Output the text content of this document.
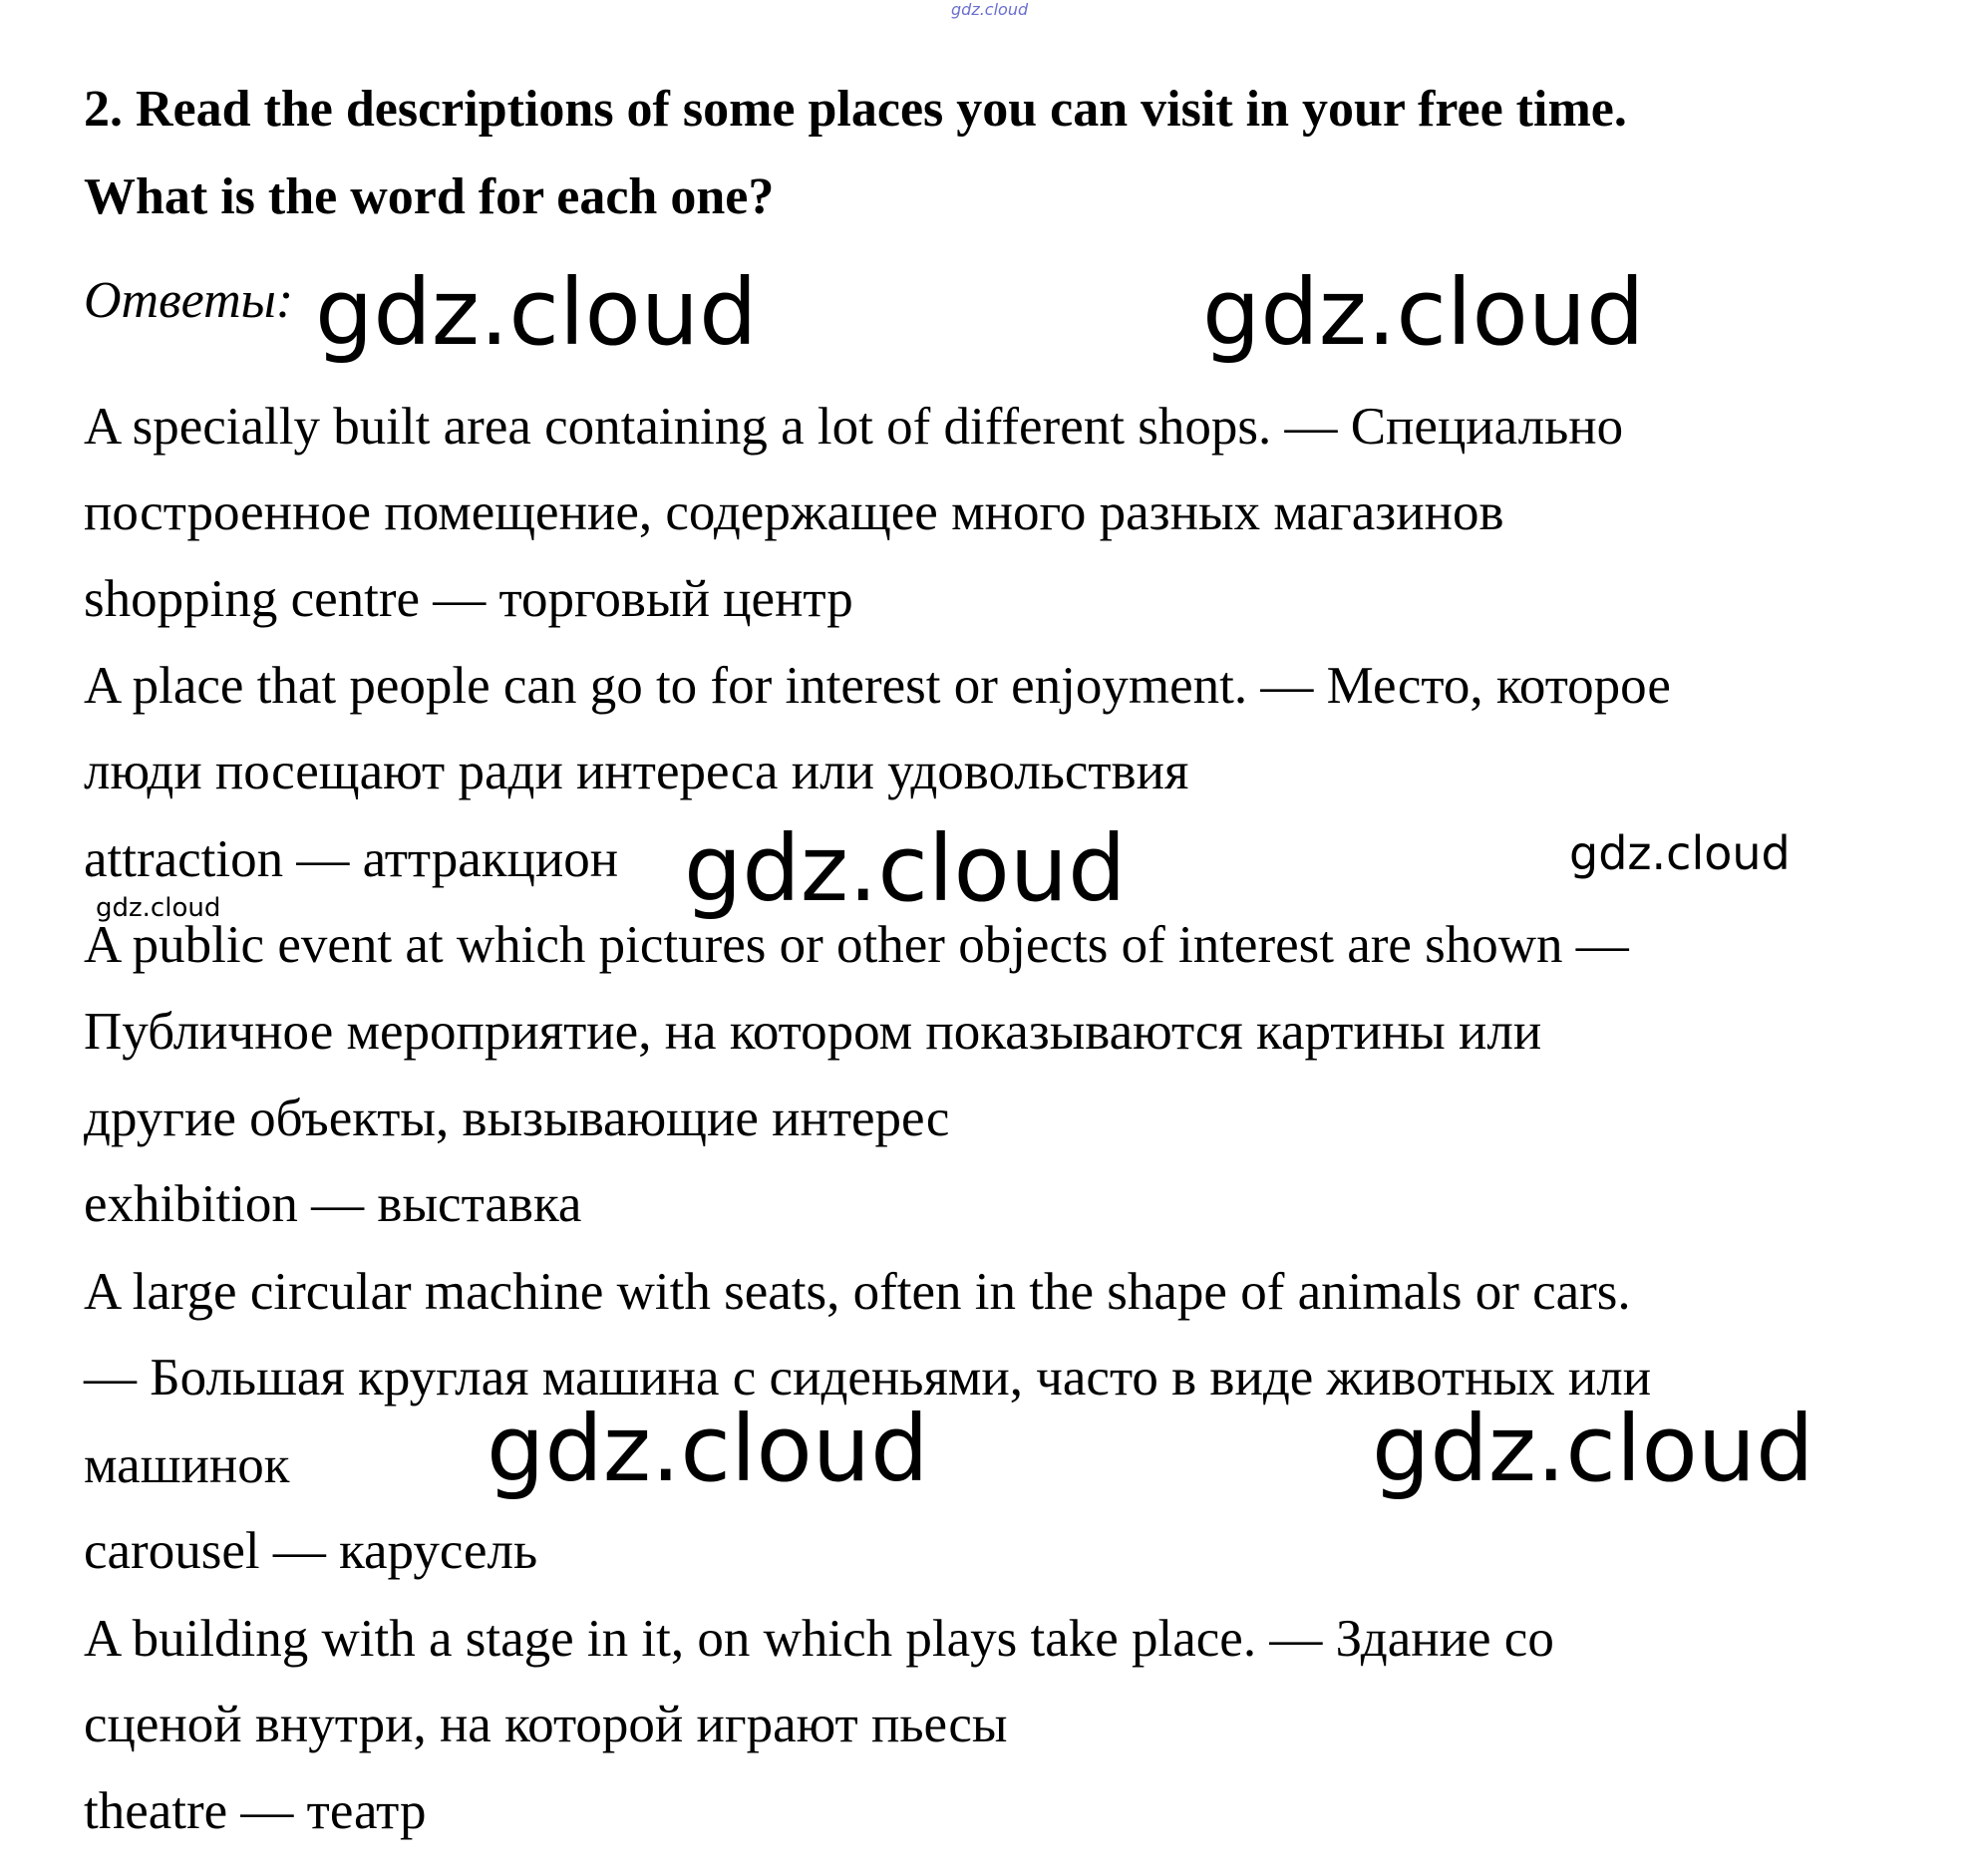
gdz.cloud
2. Read the descriptions of some places you can visit in your free time.
What is the word for each one?
Ответы:
A specially built area containing a lot of different shops. — Специально
построенное помещение, содержащее много разных магазинов
shopping centre — торговый центр
A place that people can go to for interest or enjoyment. — Место, которое
люди посещают ради интереса или удовольствия
attraction — аттракцион
A public event at which pictures or other objects of interest are shown —
Публичное мероприятие, на котором показываются картины или
другие объекты, вызывающие интерес
exhibition — выставка
A large circular machine with seats, often in the shape of animals or cars.
— Большая круглая машина с сиденьями, часто в виде животных или
машинок
carousel — карусель
A building with a stage in it, on which plays take place. — Здание со
сценой внутри, на которой играют пьесы
theatre — театр
gdz.cloud	gdz.cloud
gdz.cloud	gdz.cloud
gdz.cloud
gdz.cloud	gdz.cloud
